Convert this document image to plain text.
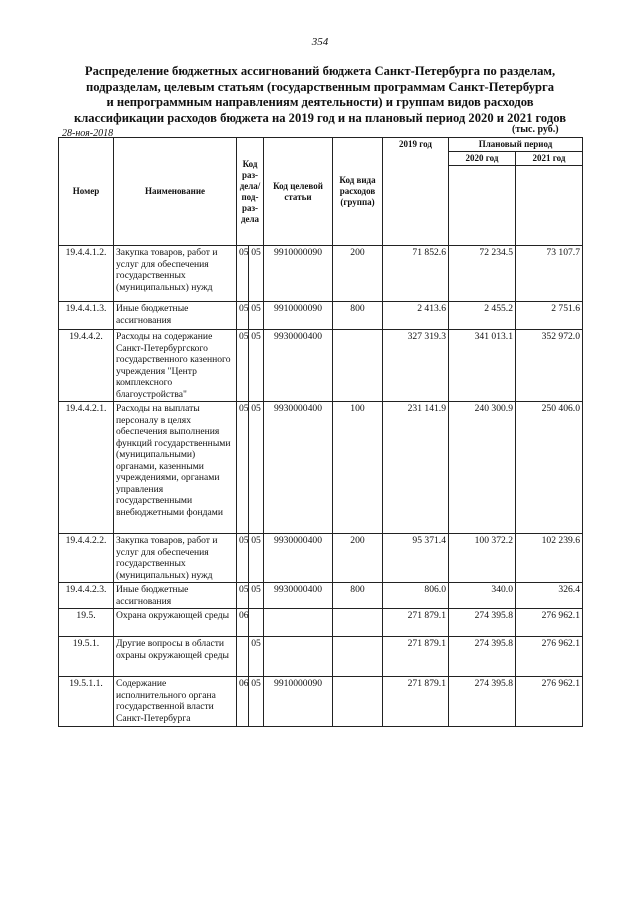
354
Распределение бюджетных ассигнований бюджета Санкт-Петербурга по разделам,
подразделам, целевым статьям (государственным программам Санкт-Петербурга
и непрограммным направлениям деятельности) и группам видов расходов
классификации расходов бюджета на 2019 год и на плановый период 2020 и 2021 годов
28-ноя-2018	(тыс. руб.)
Номер	Наименование	Код раз-дела/ под-раз-дела		Код целевой статьи	Код вида расходов (группа)	2019 год	Плановый период	
							2020 год	2021 год

19.4.4.1.2.	Закупка товаров, работ и услуг для обеспечения государственных (муниципальных) нужд	05	05	9910000090	200	71 852.6	72 234.5	73 107.7
19.4.4.1.3.	Иные бюджетные ассигнования	05	05	9910000090	800	2 413.6	2 455.2	2 751.6
19.4.4.2.	Расходы на содержание Санкт-Петербургского государственного казенного учреждения "Центр комплексного благоустройства"	05	05	9930000400		327 319.3	341 013.1	352 972.0
19.4.4.2.1.	Расходы на выплаты персоналу в целях обеспечения выполнения функций государственными (муниципальными) органами, казенными учреждениями, органами управления государственными внебюджетными фондами	05	05	9930000400	100	231 141.9	240 300.9	250 406.0
19.4.4.2.2.	Закупка товаров, работ и услуг для обеспечения государственных (муниципальных) нужд	05	05	9930000400	200	95 371.4	100 372.2	102 239.6
19.4.4.2.3.	Иные бюджетные ассигнования	05	05	9930000400	800	806.0	340.0	326.4
19.5.	Охрана окружающей среды	06				271 879.1	274 395.8	276 962.1
19.5.1.	Другие вопросы в области охраны окружающей среды		05			271 879.1	274 395.8	276 962.1
19.5.1.1.	Содержание исполнительного органа государственной власти Санкт-Петербурга	06	05	9910000090		271 879.1	274 395.8	276 962.1
